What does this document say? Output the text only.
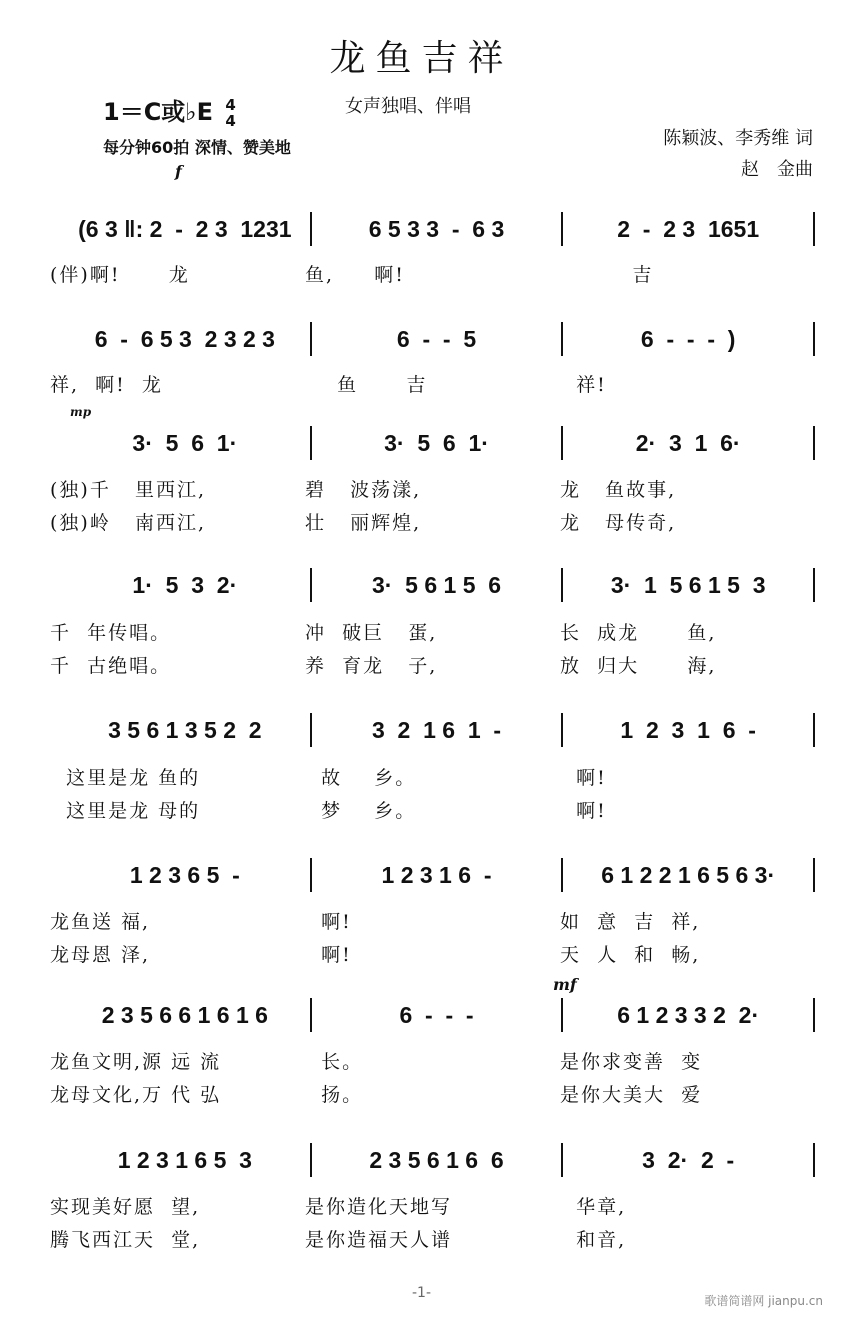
龙鱼吉祥
1＝C或♭E 4
4
女声独唱、伴唱
每分钟60拍 深情、赞美地	陈颖波、李秀维 词
赵　金曲
f
mp
mf
(6 3 ‖: 2  -  2 3  1231	6 5 3 3  -  6 3	2  -  2 3  1651
(伴)啊!      龙	鱼,     啊!	吉
6  -  6 5 3  2 3 2 3	6  -  -  5	6  -  -  -  )
祥,  啊!  龙	鱼      吉	祥!
3·  5  6  1·	3·  5  6  1·	2·  3  1  6·
(独)千   里西江,	碧   波荡漾,	龙   鱼故事,
(独)岭   南西江,	壮   丽辉煌,	龙   母传奇,
1·  5  3  2·	3·  5 6 1 5  6	3·  1  5 6 1 5  3
千  年传唱。	冲  破巨   蛋,	长  成龙      鱼,
千  古绝唱。	养  育龙   子,	放  归大      海,
3 5 6 1 3 5 2  2	3  2  1 6  1  -	1  2  3  1  6  -
这里是龙 鱼的	故    乡。	啊!
这里是龙 母的	梦    乡。	啊!
1 2 3 6 5  -	1 2 3 1 6  -	6 1 2 2 1 6 5 6 3·
龙鱼送 福,	啊!	如  意  吉  祥,
龙母恩 泽,	啊!	天  人  和  畅,
2 3 5 6 6 1 6 1 6	6  -  -  -	6 1 2 3 3 2  2·
龙鱼文明,源 远 流	长。	是你求变善  变
龙母文化,万 代 弘	扬。	是你大美大  爱
1 2 3 1 6 5  3	2 3 5 6 1 6  6	3  2·  2  -
实现美好愿  望,	是你造化天地写	华章,
腾飞西江天  堂,	是你造福天人谱	和音,
-1-	歌谱简谱网 jianpu.cn
